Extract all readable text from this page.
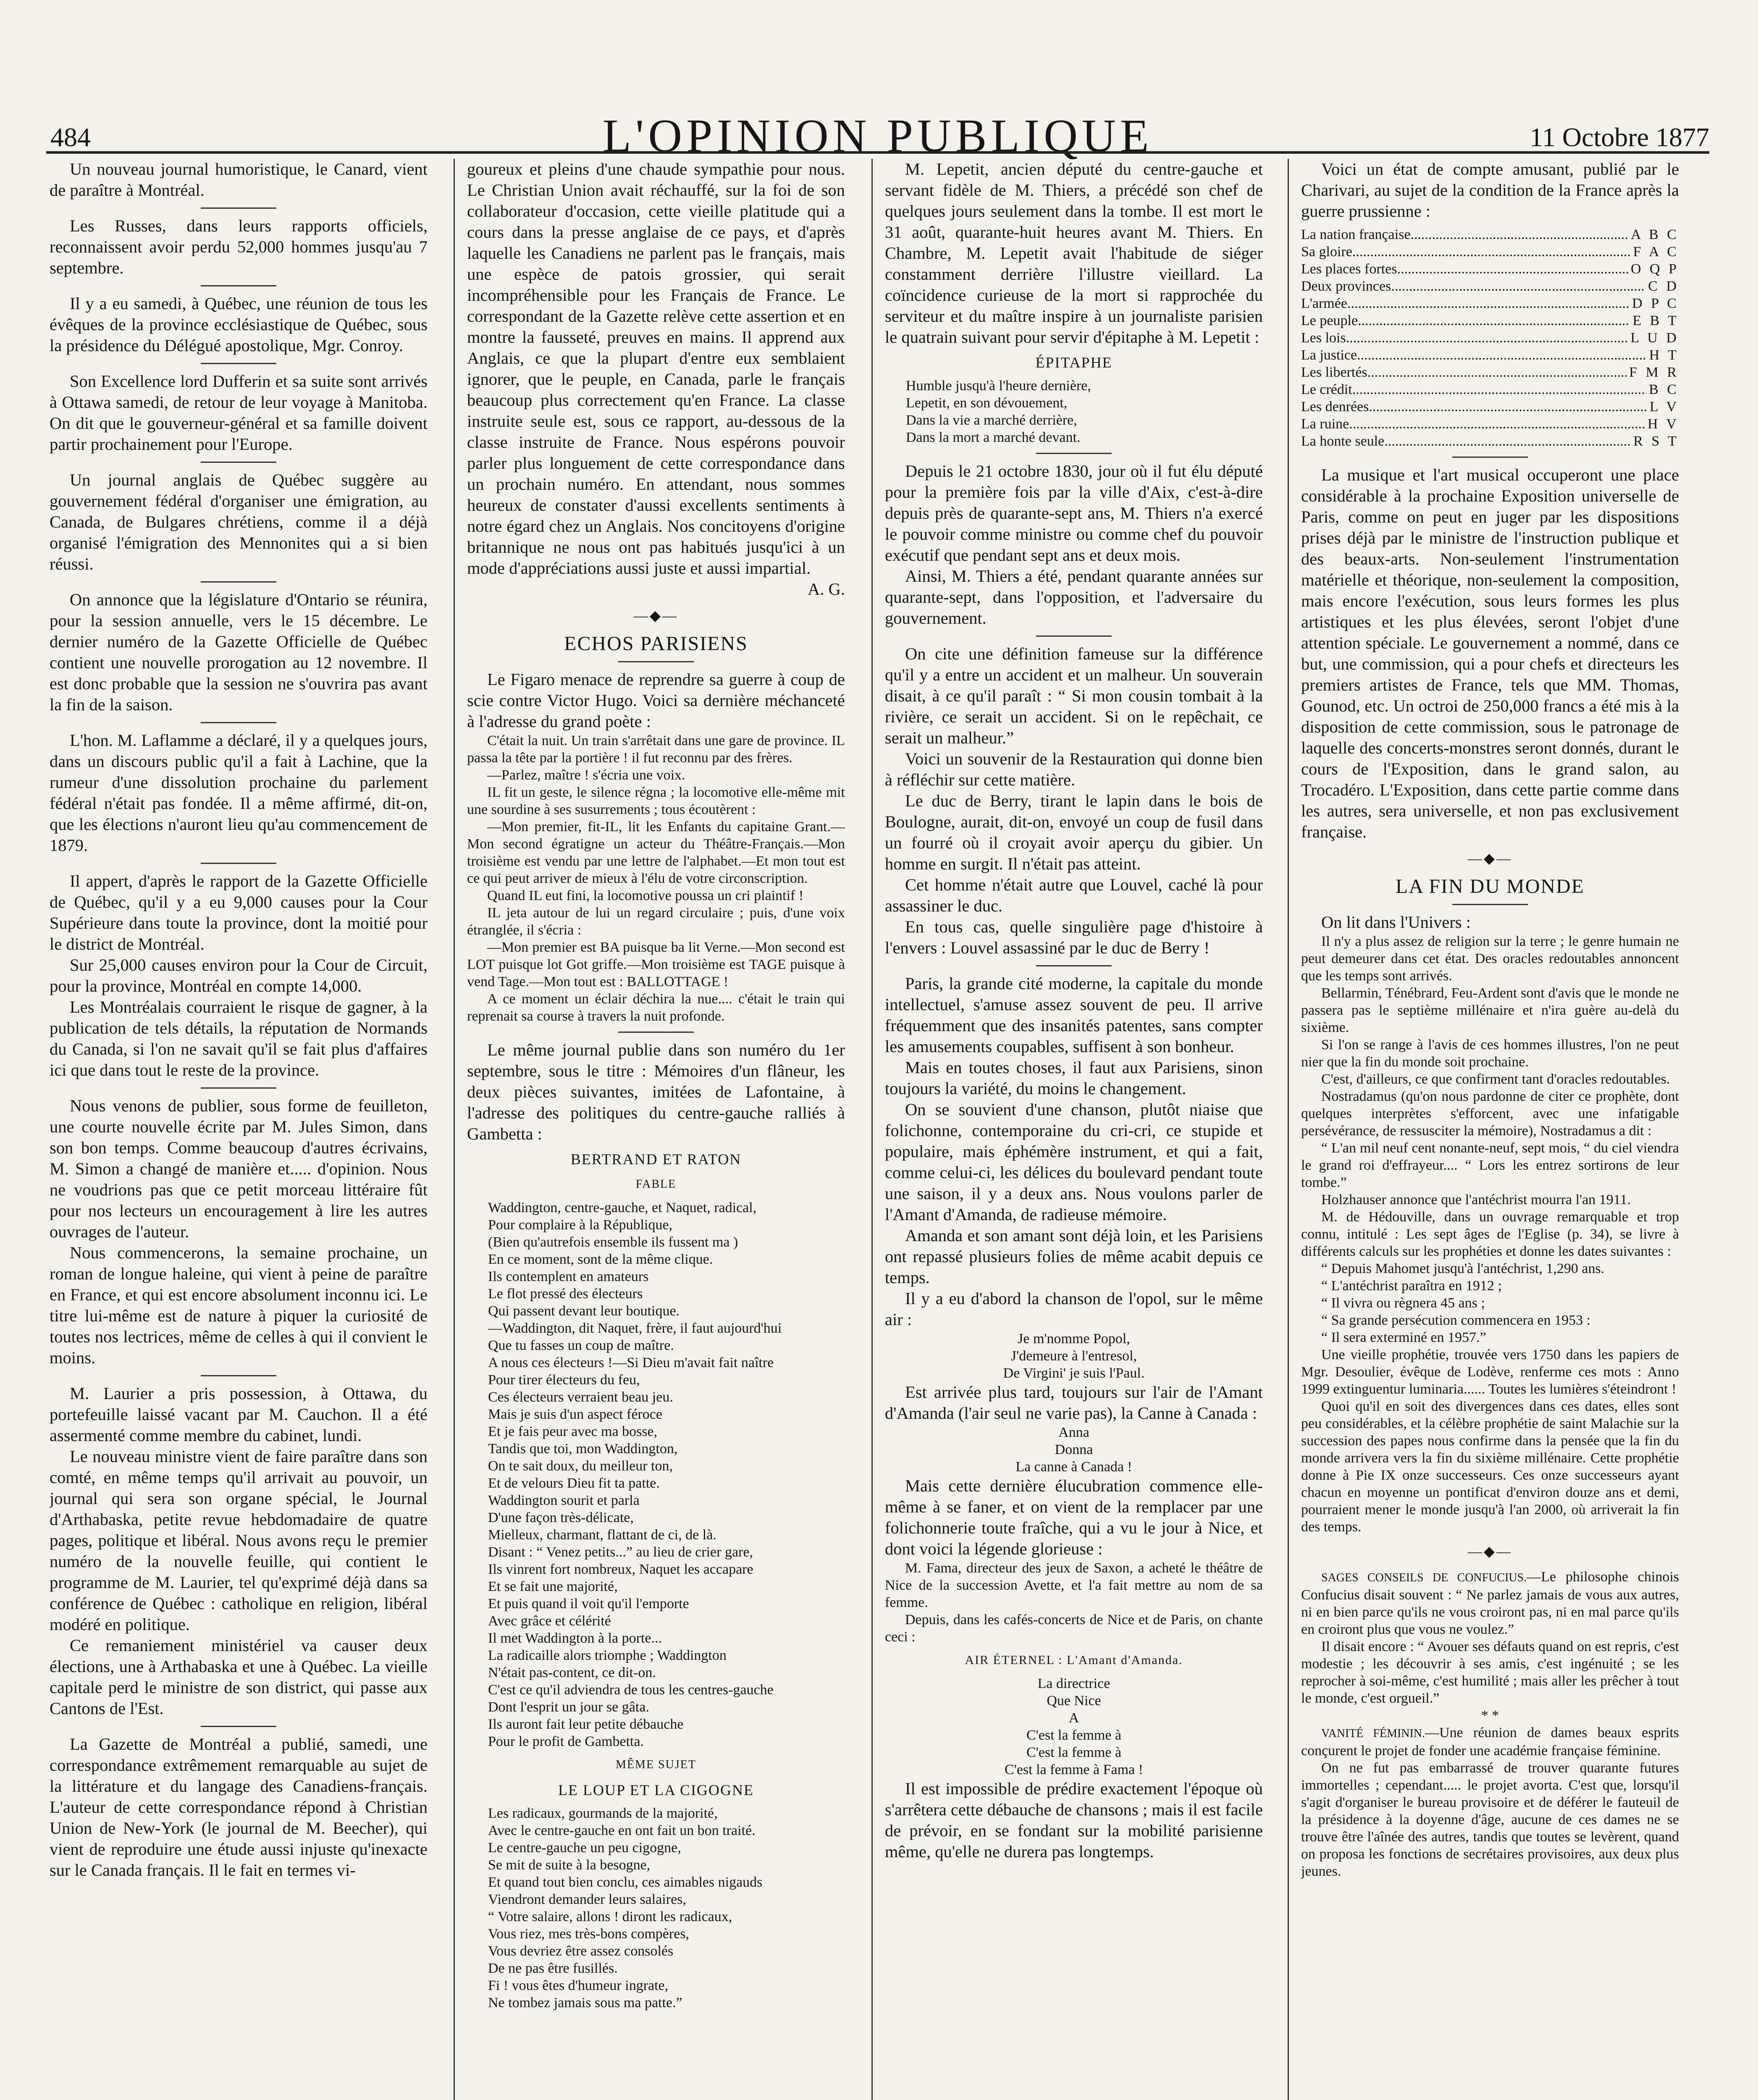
484	L'OPINION PUBLIQUE	11 Octobre 1877

Un nouveau journal humoristique, le Canard, vient de paraître à Montréal.

Les Russes, dans leurs rapports officiels, reconnaissent avoir perdu 52,000 hommes jusqu'au 7 septembre.

Il y a eu samedi, à Québec, une réunion de tous les évêques de la province ecclésiastique de Québec, sous la présidence du Délégué apostolique, Mgr. Conroy.

Son Excellence lord Dufferin et sa suite sont arrivés à Ottawa samedi, de retour de leur voyage à Manitoba. On dit que le gouverneur-général et sa famille doivent partir prochainement pour l'Europe.

Un journal anglais de Québec suggère au gouvernement fédéral d'organiser une émigration, au Canada, de Bulgares chrétiens, comme il a déjà organisé l'émigration des Mennonites qui a si bien réussi.

On annonce que la législature d'Ontario se réunira, pour la session annuelle, vers le 15 décembre. Le dernier numéro de la Gazette Officielle de Québec contient une nouvelle prorogation au 12 novembre. Il est donc probable que la session ne s'ouvrira pas avant la fin de la saison.

L'hon. M. Laflamme a déclaré, il y a quelques jours, dans un discours public qu'il a fait à Lachine, que la rumeur d'une dissolution prochaine du parlement fédéral n'était pas fondée. Il a même affirmé, dit-on, que les élections n'auront lieu qu'au commencement de 1879.

Il appert, d'après le rapport de la Gazette Officielle de Québec, qu'il y a eu 9,000 causes pour la Cour Supérieure dans toute la province, dont la moitié pour le district de Montréal.

Sur 25,000 causes environ pour la Cour de Circuit, pour la province, Montréal en compte 14,000.

Les Montréalais courraient le risque de gagner, à la publication de tels détails, la réputation de Normands du Canada, si l'on ne savait qu'il se fait plus d'affaires ici que dans tout le reste de la province.

Nous venons de publier, sous forme de feuilleton, une courte nouvelle écrite par M. Jules Simon, dans son bon temps. Comme beaucoup d'autres écrivains, M. Simon a changé de manière et..... d'opinion. Nous ne voudrions pas que ce petit morceau littéraire fût pour nos lecteurs un encouragement à lire les autres ouvrages de l'auteur.

Nous commencerons, la semaine prochaine, un roman de longue haleine, qui vient à peine de paraître en France, et qui est encore absolument inconnu ici. Le titre lui-même est de nature à piquer la curiosité de toutes nos lectrices, même de celles à qui il convient le moins.

M. Laurier a pris possession, à Ottawa, du portefeuille laissé vacant par M. Cauchon. Il a été assermenté comme membre du cabinet, lundi.

Le nouveau ministre vient de faire paraître dans son comté, en même temps qu'il arrivait au pouvoir, un journal qui sera son organe spécial, le Journal d'Arthabaska, petite revue hebdomadaire de quatre pages, politique et libéral. Nous avons reçu le premier numéro de la nouvelle feuille, qui contient le programme de M. Laurier, tel qu'exprimé déjà dans sa conférence de Québec : catholique en religion, libéral modéré en politique.

Ce remaniement ministériel va causer deux élections, une à Arthabaska et une à Québec. La vieille capitale perd le ministre de son district, qui passe aux Cantons de l'Est.

La Gazette de Montréal a publié, samedi, une correspondance extrêmement remarquable au sujet de la littérature et du langage des Canadiens-français. L'auteur de cette correspondance répond à Christian Union de New-York (le journal de M. Beecher), qui vient de reproduire une étude aussi injuste qu'inexacte sur le Canada français. Il le fait en termes vi-

goureux et pleins d'une chaude sympathie pour nous. Le Christian Union avait réchauffé, sur la foi de son collaborateur d'occasion, cette vieille platitude qui a cours dans la presse anglaise de ce pays, et d'après laquelle les Canadiens ne parlent pas le français, mais une espèce de patois grossier, qui serait incompréhensible pour les Français de France. Le correspondant de la Gazette relève cette assertion et en montre la fausseté, preuves en mains. Il apprend aux Anglais, ce que la plupart d'entre eux semblaient ignorer, que le peuple, en Canada, parle le français beaucoup plus correctement qu'en France. La classe instruite seule est, sous ce rapport, au-dessous de la classe instruite de France. Nous espérons pouvoir parler plus longuement de cette correspondance dans un prochain numéro. En attendant, nous sommes heureux de constater d'aussi excellents sentiments à notre égard chez un Anglais. Nos concitoyens d'origine britannique ne nous ont pas habitués jusqu'ici à un mode d'appréciations aussi juste et aussi impartial.

A. G.
—◆—
ECHOS PARISIENS

Le Figaro menace de reprendre sa guerre à coup de scie contre Victor Hugo. Voici sa dernière méchanceté à l'adresse du grand poète :

C'était la nuit. Un train s'arrêtait dans une gare de province. IL passa la tête par la portière ! il fut reconnu par des frères.

—Parlez, maître ! s'écria une voix.

IL fit un geste, le silence régna ; la locomotive elle-même mit une sourdine à ses susurrements ; tous écoutèrent :

—Mon premier, fit-IL, lit les Enfants du capitaine Grant.—Mon second égratigne un acteur du Théâtre-Français.—Mon troisième est vendu par une lettre de l'alphabet.—Et mon tout est ce qui peut arriver de mieux à l'élu de votre circonscription.

Quand IL eut fini, la locomotive poussa un cri plaintif !

IL jeta autour de lui un regard circulaire ; puis, d'une voix étranglée, il s'écria :

—Mon premier est BA puisque ba lit Verne.—Mon second est LOT puisque lot Got griffe.—Mon troisième est TAGE puisque à vend Tage.—Mon tout est : BALLOTTAGE !

A ce moment un éclair déchira la nue.... c'était le train qui reprenait sa course à travers la nuit profonde.

Le même journal publie dans son numéro du 1er septembre, sous le titre : Mémoires d'un flâneur, les deux pièces suivantes, imitées de Lafontaine, à l'adresse des politiques du centre-gauche ralliés à Gambetta :

BERTRAND ET RATON
FABLE
Waddington, centre-gauche, et Naquet, radical,
Pour complaire à la République,
(Bien qu'autrefois ensemble ils fussent ma )
En ce moment, sont de la même clique.
Ils contemplent en amateurs
Le flot pressé des électeurs
Qui passent devant leur boutique.
—Waddington, dit Naquet, frère, il faut aujourd'hui
Que tu fasses un coup de maître.
A nous ces électeurs !—Si Dieu m'avait fait naître
Pour tirer électeurs du feu,
Ces électeurs verraient beau jeu.
Mais je suis d'un aspect féroce
Et je fais peur avec ma bosse,
Tandis que toi, mon Waddington,
On te sait doux, du meilleur ton,
Et de velours Dieu fit ta patte.
Waddington sourit et parla
D'une façon très-délicate,
Mielleux, charmant, flattant de ci, de là.
Disant : “ Venez petits...” au lieu de crier gare,
Ils vinrent fort nombreux, Naquet les accapare
Et se fait une majorité,
Et puis quand il voit qu'il l'emporte
Avec grâce et célérité
Il met Waddington à la porte...
La radicaille alors triomphe ; Waddington
N'était pas-content, ce dit-on.
C'est ce qu'il adviendra de tous les centres-gauche
Dont l'esprit un jour se gâta.
Ils auront fait leur petite débauche
Pour le profit de Gambetta.
MÊME SUJET
LE LOUP ET LA CIGOGNE
Les radicaux, gourmands de la majorité,
Avec le centre-gauche en ont fait un bon traité.
Le centre-gauche un peu cigogne,
Se mit de suite à la besogne,
Et quand tout bien conclu, ces aimables nigauds
Viendront demander leurs salaires,
“ Votre salaire, allons ! diront les radicaux,
Vous riez, mes très-bons compères,
Vous devriez être assez consolés
De ne pas être fusillés.
Fi ! vous êtes d'humeur ingrate,
Ne tombez jamais sous ma patte.”

M. Lepetit, ancien député du centre-gauche et servant fidèle de M. Thiers, a précédé son chef de quelques jours seulement dans la tombe. Il est mort le 31 août, quarante-huit heures avant M. Thiers. En Chambre, M. Lepetit avait l'habitude de siéger constamment derrière l'illustre vieillard. La coïncidence curieuse de la mort si rapprochée du serviteur et du maître inspire à un journaliste parisien le quatrain suivant pour servir d'épitaphe à M. Lepetit :

ÉPITAPHE
Humble jusqu'à l'heure dernière,
Lepetit, en son dévouement,
Dans la vie a marché derrière,
Dans la mort a marché devant.

Depuis le 21 octobre 1830, jour où il fut élu député pour la première fois par la ville d'Aix, c'est-à-dire depuis près de quarante-sept ans, M. Thiers n'a exercé le pouvoir comme ministre ou comme chef du pouvoir exécutif que pendant sept ans et deux mois.

Ainsi, M. Thiers a été, pendant quarante années sur quarante-sept, dans l'opposition, et l'adversaire du gouvernement.

On cite une définition fameuse sur la différence qu'il y a entre un accident et un malheur. Un souverain disait, à ce qu'il paraît : “ Si mon cousin tombait à la rivière, ce serait un accident. Si on le repêchait, ce serait un malheur.”

Voici un souvenir de la Restauration qui donne bien à réfléchir sur cette matière.

Le duc de Berry, tirant le lapin dans le bois de Boulogne, aurait, dit-on, envoyé un coup de fusil dans un fourré où il croyait avoir aperçu du gibier. Un homme en surgit. Il n'était pas atteint.

Cet homme n'était autre que Louvel, caché là pour assassiner le duc.

En tous cas, quelle singulière page d'histoire à l'envers : Louvel assassiné par le duc de Berry !

Paris, la grande cité moderne, la capitale du monde intellectuel, s'amuse assez souvent de peu. Il arrive fréquemment que des insanités patentes, sans compter les amusements coupables, suffisent à son bonheur.

Mais en toutes choses, il faut aux Parisiens, sinon toujours la variété, du moins le changement.

On se souvient d'une chanson, plutôt niaise que folichonne, contemporaine du cri-cri, ce stupide et populaire, mais éphémère instrument, et qui a fait, comme celui-ci, les délices du boulevard pendant toute une saison, il y a deux ans. Nous voulons parler de l'Amant d'Amanda, de radieuse mémoire.

Amanda et son amant sont déjà loin, et les Parisiens ont repassé plusieurs folies de même acabit depuis ce temps.

Il y a eu d'abord la chanson de l'opol, sur le même air :

Je m'nomme Popol,
J'demeure à l'entresol,
De Virgini' je suis l'Paul.

Est arrivée plus tard, toujours sur l'air de l'Amant d'Amanda (l'air seul ne varie pas), la Canne à Canada :

Anna
Donna
La canne à Canada !

Mais cette dernière élucubration commence elle-même à se faner, et on vient de la remplacer par une folichonnerie toute fraîche, qui a vu le jour à Nice, et dont voici la légende glorieuse :

M. Fama, directeur des jeux de Saxon, a acheté le théâtre de Nice de la succession Avette, et l'a fait mettre au nom de sa femme.

Depuis, dans les cafés-concerts de Nice et de Paris, on chante ceci :

AIR ÉTERNEL : L'Amant d'Amanda.
La directrice
Que Nice
A
C'est la femme à
C'est la femme à
C'est la femme à Fama !

Il est impossible de prédire exactement l'époque où s'arrêtera cette débauche de chansons ; mais il est facile de prévoir, en se fondant sur la mobilité parisienne même, qu'elle ne durera pas longtemps.

Voici un état de compte amusant, publié par le Charivari, au sujet de la condition de la France après la guerre prussienne :

La nation française .....	A B C
Sa gloire .....	F A C
Les places fortes .....	O Q P
Deux provinces .....	C D
L'armée .....	D P C
Le peuple .....	E B T
Les lois .....	L U D
La justice .....	H T
Les libertés .....	F M R
Le crédit .....	B C
Les denrées .....	L V
La ruine .....	H V
La honte seule .....	R S T

La musique et l'art musical occuperont une place considérable à la prochaine Exposition universelle de Paris, comme on peut en juger par les dispositions prises déjà par le ministre de l'instruction publique et des beaux-arts. Non-seulement l'instrumentation matérielle et théorique, non-seulement la composition, mais encore l'exécution, sous leurs formes les plus artistiques et les plus élevées, seront l'objet d'une attention spéciale. Le gouvernement a nommé, dans ce but, une commission, qui a pour chefs et directeurs les premiers artistes de France, tels que MM. Thomas, Gounod, etc. Un octroi de 250,000 francs a été mis à la disposition de cette commission, sous le patronage de laquelle des concerts-monstres seront donnés, durant le cours de l'Exposition, dans le grand salon, au Trocadéro. L'Exposition, dans cette partie comme dans les autres, sera universelle, et non pas exclusivement française.

—◆—
LA FIN DU MONDE

On lit dans l'Univers :

Il n'y a plus assez de religion sur la terre ; le genre humain ne peut demeurer dans cet état. Des oracles redoutables annoncent que les temps sont arrivés.

Bellarmin, Ténébrard, Feu-Ardent sont d'avis que le monde ne passera pas le septième millénaire et n'ira guère au-delà du sixième.

Si l'on se range à l'avis de ces hommes illustres, l'on ne peut nier que la fin du monde soit prochaine.

C'est, d'ailleurs, ce que confirment tant d'oracles redoutables.

Nostradamus (qu'on nous pardonne de citer ce prophète, dont quelques interprètes s'efforcent, avec une infatigable persévérance, de ressusciter la mémoire), Nostradamus a dit :

“ L'an mil neuf cent nonante-neuf, sept mois, “ du ciel viendra le grand roi d'effrayeur.... “ Lors les entrez sortirons de leur tombe.”

Holzhauser annonce que l'antéchrist mourra l'an 1911.

M. de Hédouville, dans un ouvrage remarquable et trop connu, intitulé : Les sept âges de l'Eglise (p. 34), se livre à différents calculs sur les prophéties et donne les dates suivantes :

“ Depuis Mahomet jusqu'à l'antéchrist, 1,290 ans.

“ L'antéchrist paraîtra en 1912 ;

“ Il vivra ou règnera 45 ans ;

“ Sa grande persécution commencera en 1953 :

“ Il sera exterminé en 1957.”

Une vieille prophétie, trouvée vers 1750 dans les papiers de Mgr. Desoulier, évêque de Lodève, renferme ces mots : Anno 1999 extinguentur luminaria...... Toutes les lumières s'éteindront !

Quoi qu'il en soit des divergences dans ces dates, elles sont peu considérables, et la célèbre prophétie de saint Malachie sur la succession des papes nous confirme dans la pensée que la fin du monde arrivera vers la fin du sixième millénaire. Cette prophétie donne à Pie IX onze successeurs. Ces onze successeurs ayant chacun en moyenne un pontificat d'environ douze ans et demi, pourraient mener le monde jusqu'à l'an 2000, où arriverait la fin des temps.

—◆—

SAGES CONSEILS DE CONFUCIUS.—Le philosophe chinois Confucius disait souvent : “ Ne parlez jamais de vous aux autres, ni en bien parce qu'ils ne vous croiront pas, ni en mal parce qu'ils en croiront plus que vous ne voulez.”

Il disait encore : “ Avouer ses défauts quand on est repris, c'est modestie ; les découvrir à ses amis, c'est ingénuité ; se les reprocher à soi-même, c'est humilité ; mais aller les prêcher à tout le monde, c'est orgueil.”

* *

VANITÉ FÉMININ.—Une réunion de dames beaux esprits conçurent le projet de fonder une académie française féminine.

On ne fut pas embarrassé de trouver quarante futures immortelles ; cependant..... le projet avorta. C'est que, lorsqu'il s'agit d'organiser le bureau provisoire et de déférer le fauteuil de la présidence à la doyenne d'âge, aucune de ces dames ne se trouve être l'aînée des autres, tandis que toutes se levèrent, quand on proposa les fonctions de secrétaires provisoires, aux deux plus jeunes.
